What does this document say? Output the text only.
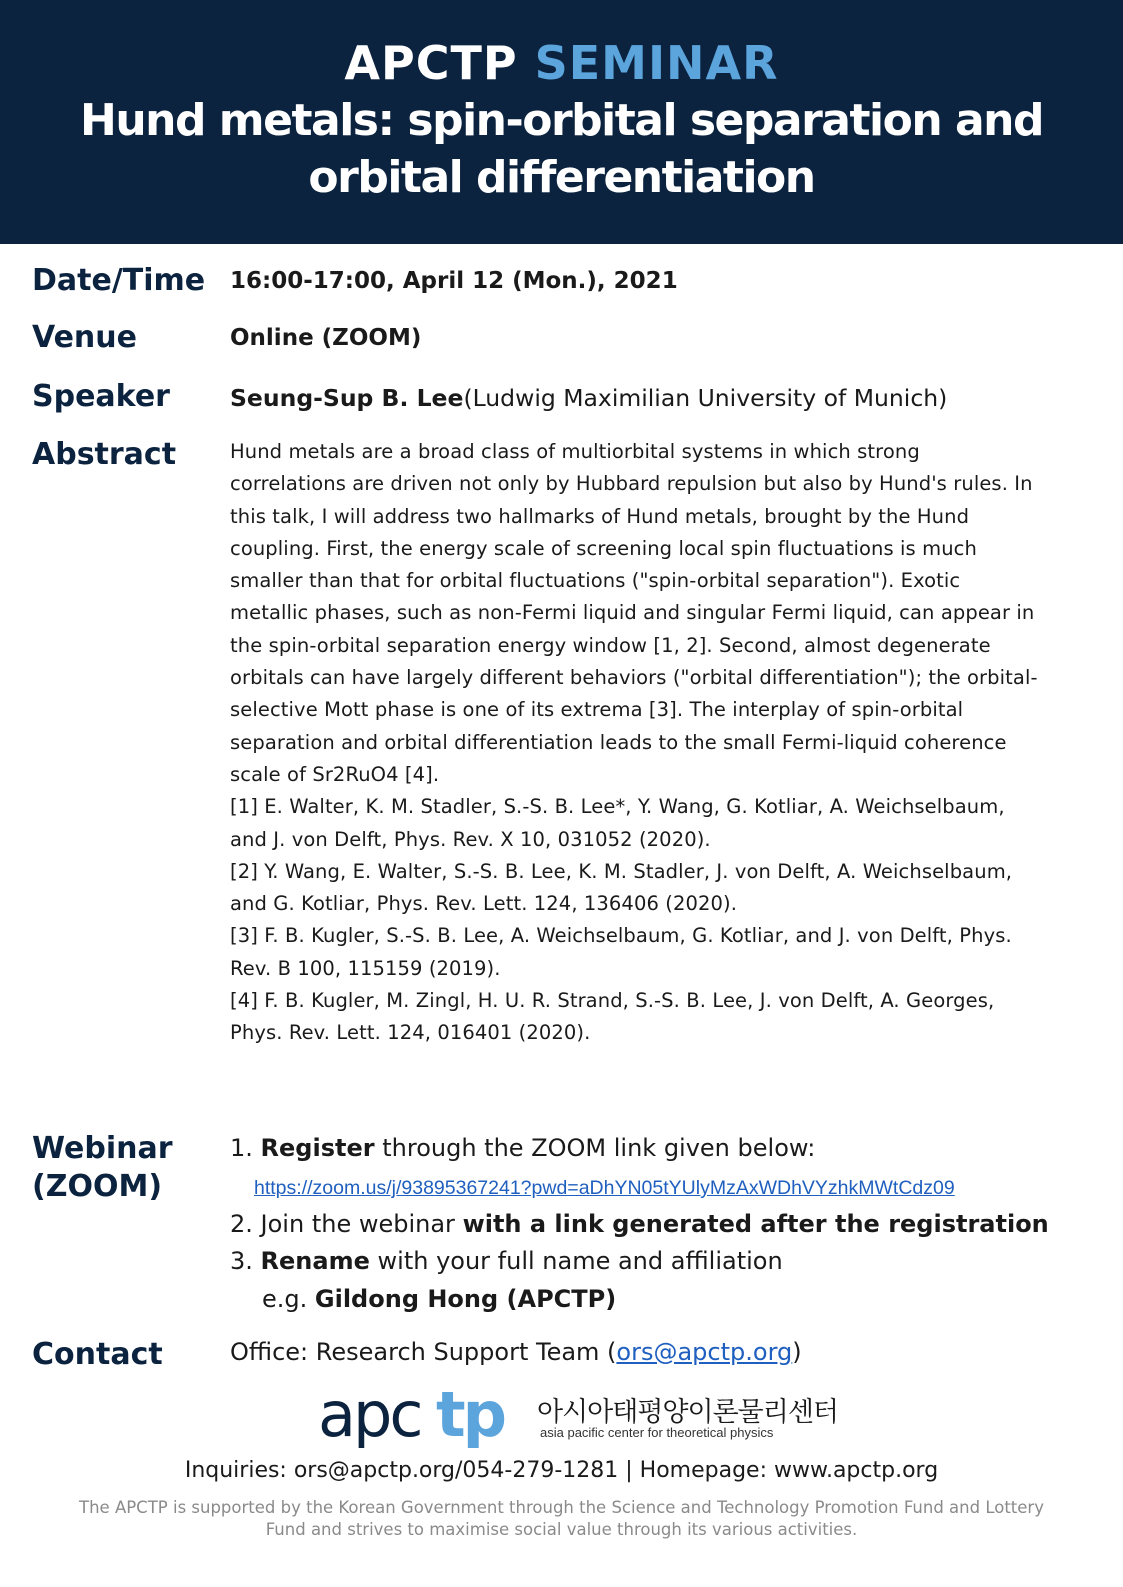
APCTP SEMINAR
Hund metals: spin-orbital separation and orbital differentiation
Date/Time 16:00-17:00, April 12 (Mon.), 2021
Venue	Online (ZOOM)
Speaker	Seung-Sup B. Lee(Ludwig Maximilian University of Munich)
Abstract	Hund metals are a broad class of multiorbital systems in which strong correlations are driven not only by Hubbard repulsion but also by Hund's rules. In this talk, I will address two hallmarks of Hund metals, brought by the Hund coupling. First, the energy scale of screening local spin fluctuations is much smaller than that for orbital fluctuations ("spin-orbital separation"). Exotic metallic phases, such as non-Fermi liquid and singular Fermi liquid, can appear in the spin-orbital separation energy window [1, 2]. Second, almost degenerate orbitals can have largely different behaviors ("orbital differentiation"); the orbital-selective Mott phase is one of its extrema [3]. The interplay of spin-orbital separation and orbital differentiation leads to the small Fermi-liquid coherence scale of Sr2RuO4 [4].

[1] E. Walter, K. M. Stadler, S.-S. B. Lee*, Y. Wang, G. Kotliar, A. Weichselbaum, and J. von Delft, Phys. Rev. X 10, 031052 (2020).

[2] Y. Wang, E. Walter, S.-S. B. Lee, K. M. Stadler, J. von Delft, A. Weichselbaum, and G. Kotliar, Phys. Rev. Lett. 124, 136406 (2020).

[3] F. B. Kugler, S.-S. B. Lee, A. Weichselbaum, G. Kotliar, and J. von Delft, Phys. Rev. B 100, 115159 (2019).

[4] F. B. Kugler, M. Zingl, H. U. R. Strand, S.-S. B. Lee, J. von Delft, A. Georges, Phys. Rev. Lett. 124, 016401 (2020).

Webinar
(ZOOM)
1. Register through the ZOOM link given below:
https://zoom.us/j/93895367241?pwd=aDhYN05tYUlyMzAxWDhVYzhkMWtCdz09
2. Join the webinar with a link generated after the registration
3. Rename with your full name and affiliation
e.g. Gildong Hong (APCTP)
Contact	Office: Research Support Team (ors@apctp.org)
apc tp 아시아태평양이론물리센터
asia pacific center for theoretical physics
Inquiries: ors@apctp.org/054-279-1281 | Homepage: www.apctp.org
The APCTP is supported by the Korean Government through the Science and Technology Promotion Fund and Lottery
Fund and strives to maximise social value through its various activities.
